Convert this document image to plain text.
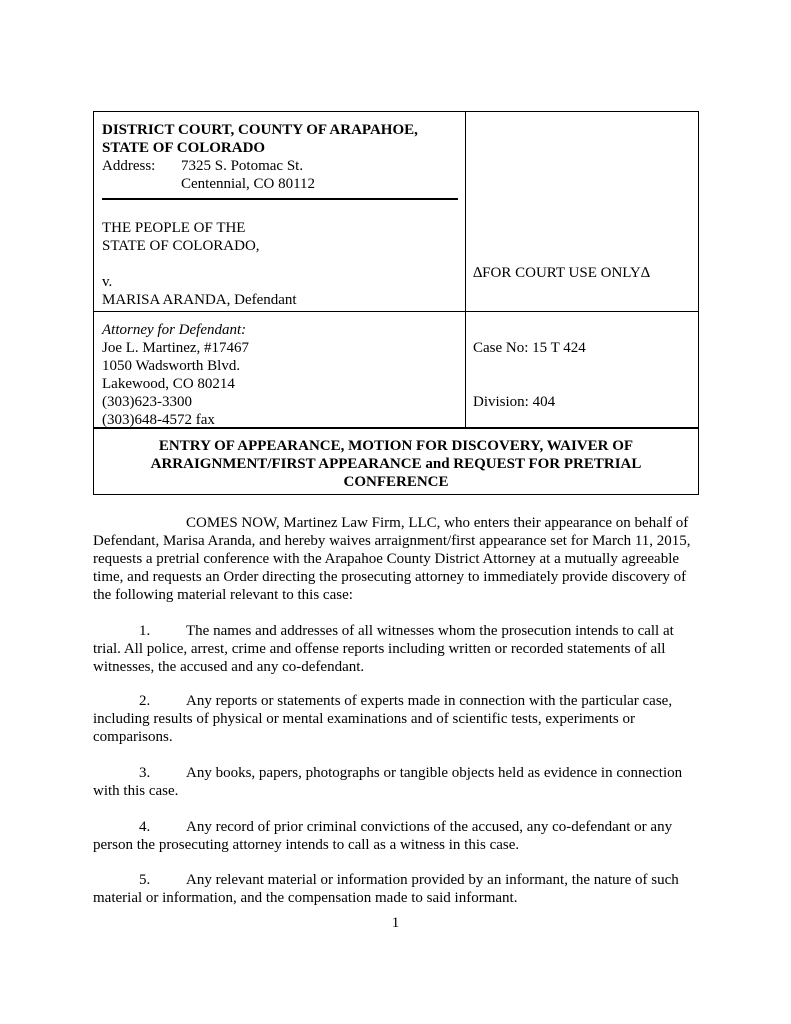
DISTRICT COURT, COUNTY OF ARAPAHOE,
STATE OF COLORADO
Address: 7325 S. Potomac St.
Centennial, CO 80112
THE PEOPLE OF THE
STATE OF COLORADO,
v.
MARISA ARANDA, Defendant
∆FOR COURT USE ONLY∆
Attorney for Defendant:
Joe L. Martinez, #17467
1050 Wadsworth Blvd.
Lakewood, CO 80214
(303)623-3300
(303)648-4572 fax
Case No: 15 T 424
Division: 404
ENTRY OF APPEARANCE, MOTION FOR DISCOVERY, WAIVER OF
ARRAIGNMENT/FIRST APPEARANCE and REQUEST FOR PRETRIAL
CONFERENCE

COMES NOW, Martinez Law Firm, LLC, who enters their appearance on behalf of Defendant, Marisa Aranda, and hereby waives arraignment/first appearance set for March 11, 2015, requests a pretrial conference with the Arapahoe County District Attorney at a mutually agreeable time, and requests an Order directing the prosecuting attorney to immediately provide discovery of the following material relevant to this case:

1. The names and addresses of all witnesses whom the prosecution intends to call at trial. All police, arrest, crime and offense reports including written or recorded statements of all witnesses, the accused and any co-defendant.

2. Any reports or statements of experts made in connection with the particular case, including results of physical or mental examinations and of scientific tests, experiments or comparisons.

3. Any books, papers, photographs or tangible objects held as evidence in connection with this case.

4. Any record of prior criminal convictions of the accused, any co-defendant or any person the prosecuting attorney intends to call as a witness in this case.

5. Any relevant material or information provided by an informant, the nature of such material or information, and the compensation made to said informant.

1
